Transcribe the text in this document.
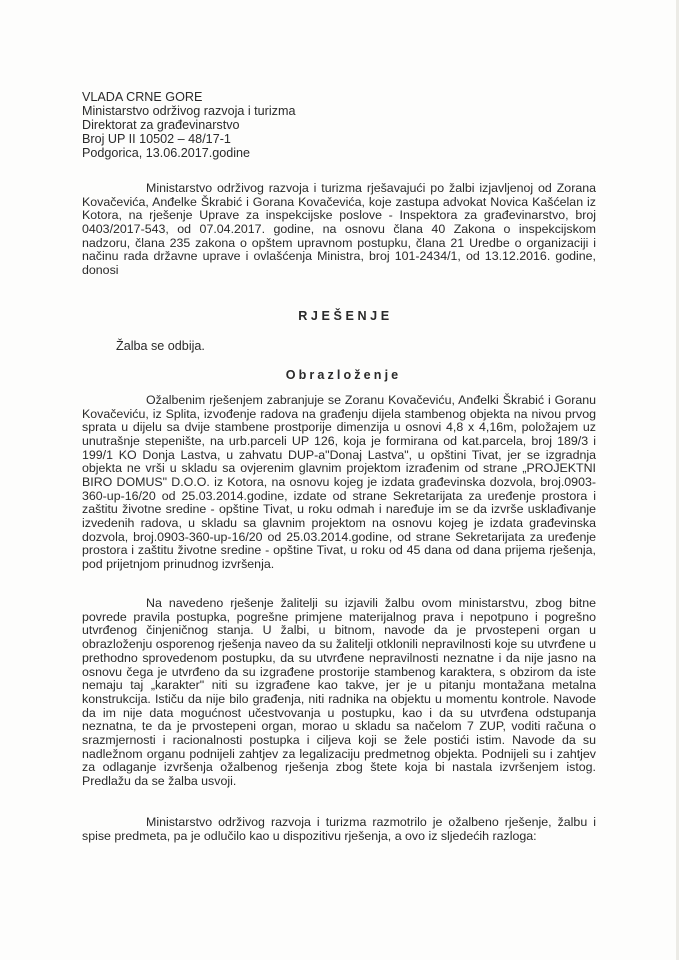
VLADA CRNE GORE
Ministarstvo održivog razvoja i turizma
Direktorat za građevinarstvo
Broj UP II 10502 – 48/17-1
Podgorica, 13.06.2017.godine

Ministarstvo održivog razvoja i turizma rješavajući po žalbi izjavljenoj od Zorana Kovačevića, Anđelke Škrabić i Gorana Kovačevića, koje zastupa advokat Novica Kašćelan iz Kotora, na rješenje Uprave za inspekcijske poslove - Inspektora za građevinarstvo, broj 0403/2017-543, od 07.04.2017. godine, na osnovu člana 40 Zakona o inspekcijskom nadzoru, člana 235 zakona o opštem upravnom postupku, člana 21 Uredbe o organizaciji i načinu rada državne uprave i ovlašćenja Ministra, broj 101-2434/1, od 13.12.2016. godine, donosi

RJEŠENJE
Žalba se odbija.
Obrazloženje

Ožalbenim rješenjem zabranjuje se Zoranu Kovačeviću, Anđelki Škrabić i Goranu Kovačeviću, iz Splita, izvođenje radova na građenju dijela stambenog objekta na nivou prvog sprata u dijelu sa dvije stambene prostporije dimenzija u osnovi 4,8 x 4,16m, položajem uz unutrašnje stepenište, na urb.parceli UP 126, koja je formirana od kat.parcela, broj 189/3 i 199/1 KO Donja Lastva, u zahvatu DUP-a"Donaj Lastva", u opštini Tivat, jer se izgradnja objekta ne vrši u skladu sa ovjerenim glavnim projektom izrađenim od strane „PROJEKTNI BIRO DOMUS" D.O.O. iz Kotora, na osnovu kojeg je izdata građevinska dozvola, broj.0903-360-up-16/20 od 25.03.2014.godine, izdate od strane Sekretarijata za uređenje prostora i zaštitu životne sredine - opštine Tivat, u roku odmah i naređuje im se da izvrše usklađivanje izvedenih radova, u skladu sa glavnim projektom na osnovu kojeg je izdata građevinska dozvola, broj.0903-360-up-16/20 od 25.03.2014.godine, od strane Sekretarijata za uređenje prostora i zaštitu životne sredine - opštine Tivat, u roku od 45 dana od dana prijema rješenja, pod prijetnjom prinudnog izvršenja.

Na navedeno rješenje žalitelji su izjavili žalbu ovom ministarstvu, zbog bitne povrede pravila postupka, pogrešne primjene materijalnog prava i nepotpuno i pogrešno utvrđenog činjeničnog stanja. U žalbi, u bitnom, navode da je prvostepeni organ u obrazloženju osporenog rješenja naveo da su žalitelji otklonili nepravilnosti koje su utvrđene u prethodno sprovedenom postupku, da su utvrđene nepravilnosti neznatne i da nije jasno na osnovu čega je utvrđeno da su izgrađene prostorije stambenog karaktera, s obzirom da iste nemaju taj „karakter" niti su izgrađene kao takve, jer je u pitanju montažana metalna konstrukcija. Ističu da nije bilo građenja, niti radnika na objektu u momentu kontrole. Navode da im nije data mogućnost učestvovanja u postupku, kao i da su utvrđena odstupanja neznatna, te da je prvostepeni organ, morao u skladu sa načelom 7 ZUP, voditi računa o srazmjernosti i racionalnosti postupka i ciljeva koji se žele postići istim. Navode da su nadležnom organu podnijeli zahtjev za legalizaciju predmetnog objekta. Podnijeli su i zahtjev za odlaganje izvršenja ožalbenog rješenja zbog štete koja bi nastala izvršenjem istog. Predlažu da se žalba usvoji.

Ministarstvo održivog razvoja i turizma razmotrilo je ožalbeno rješenje, žalbu i spise predmeta, pa je odlučilo kao u dispozitivu rješenja, a ovo iz sljedećih razloga:
